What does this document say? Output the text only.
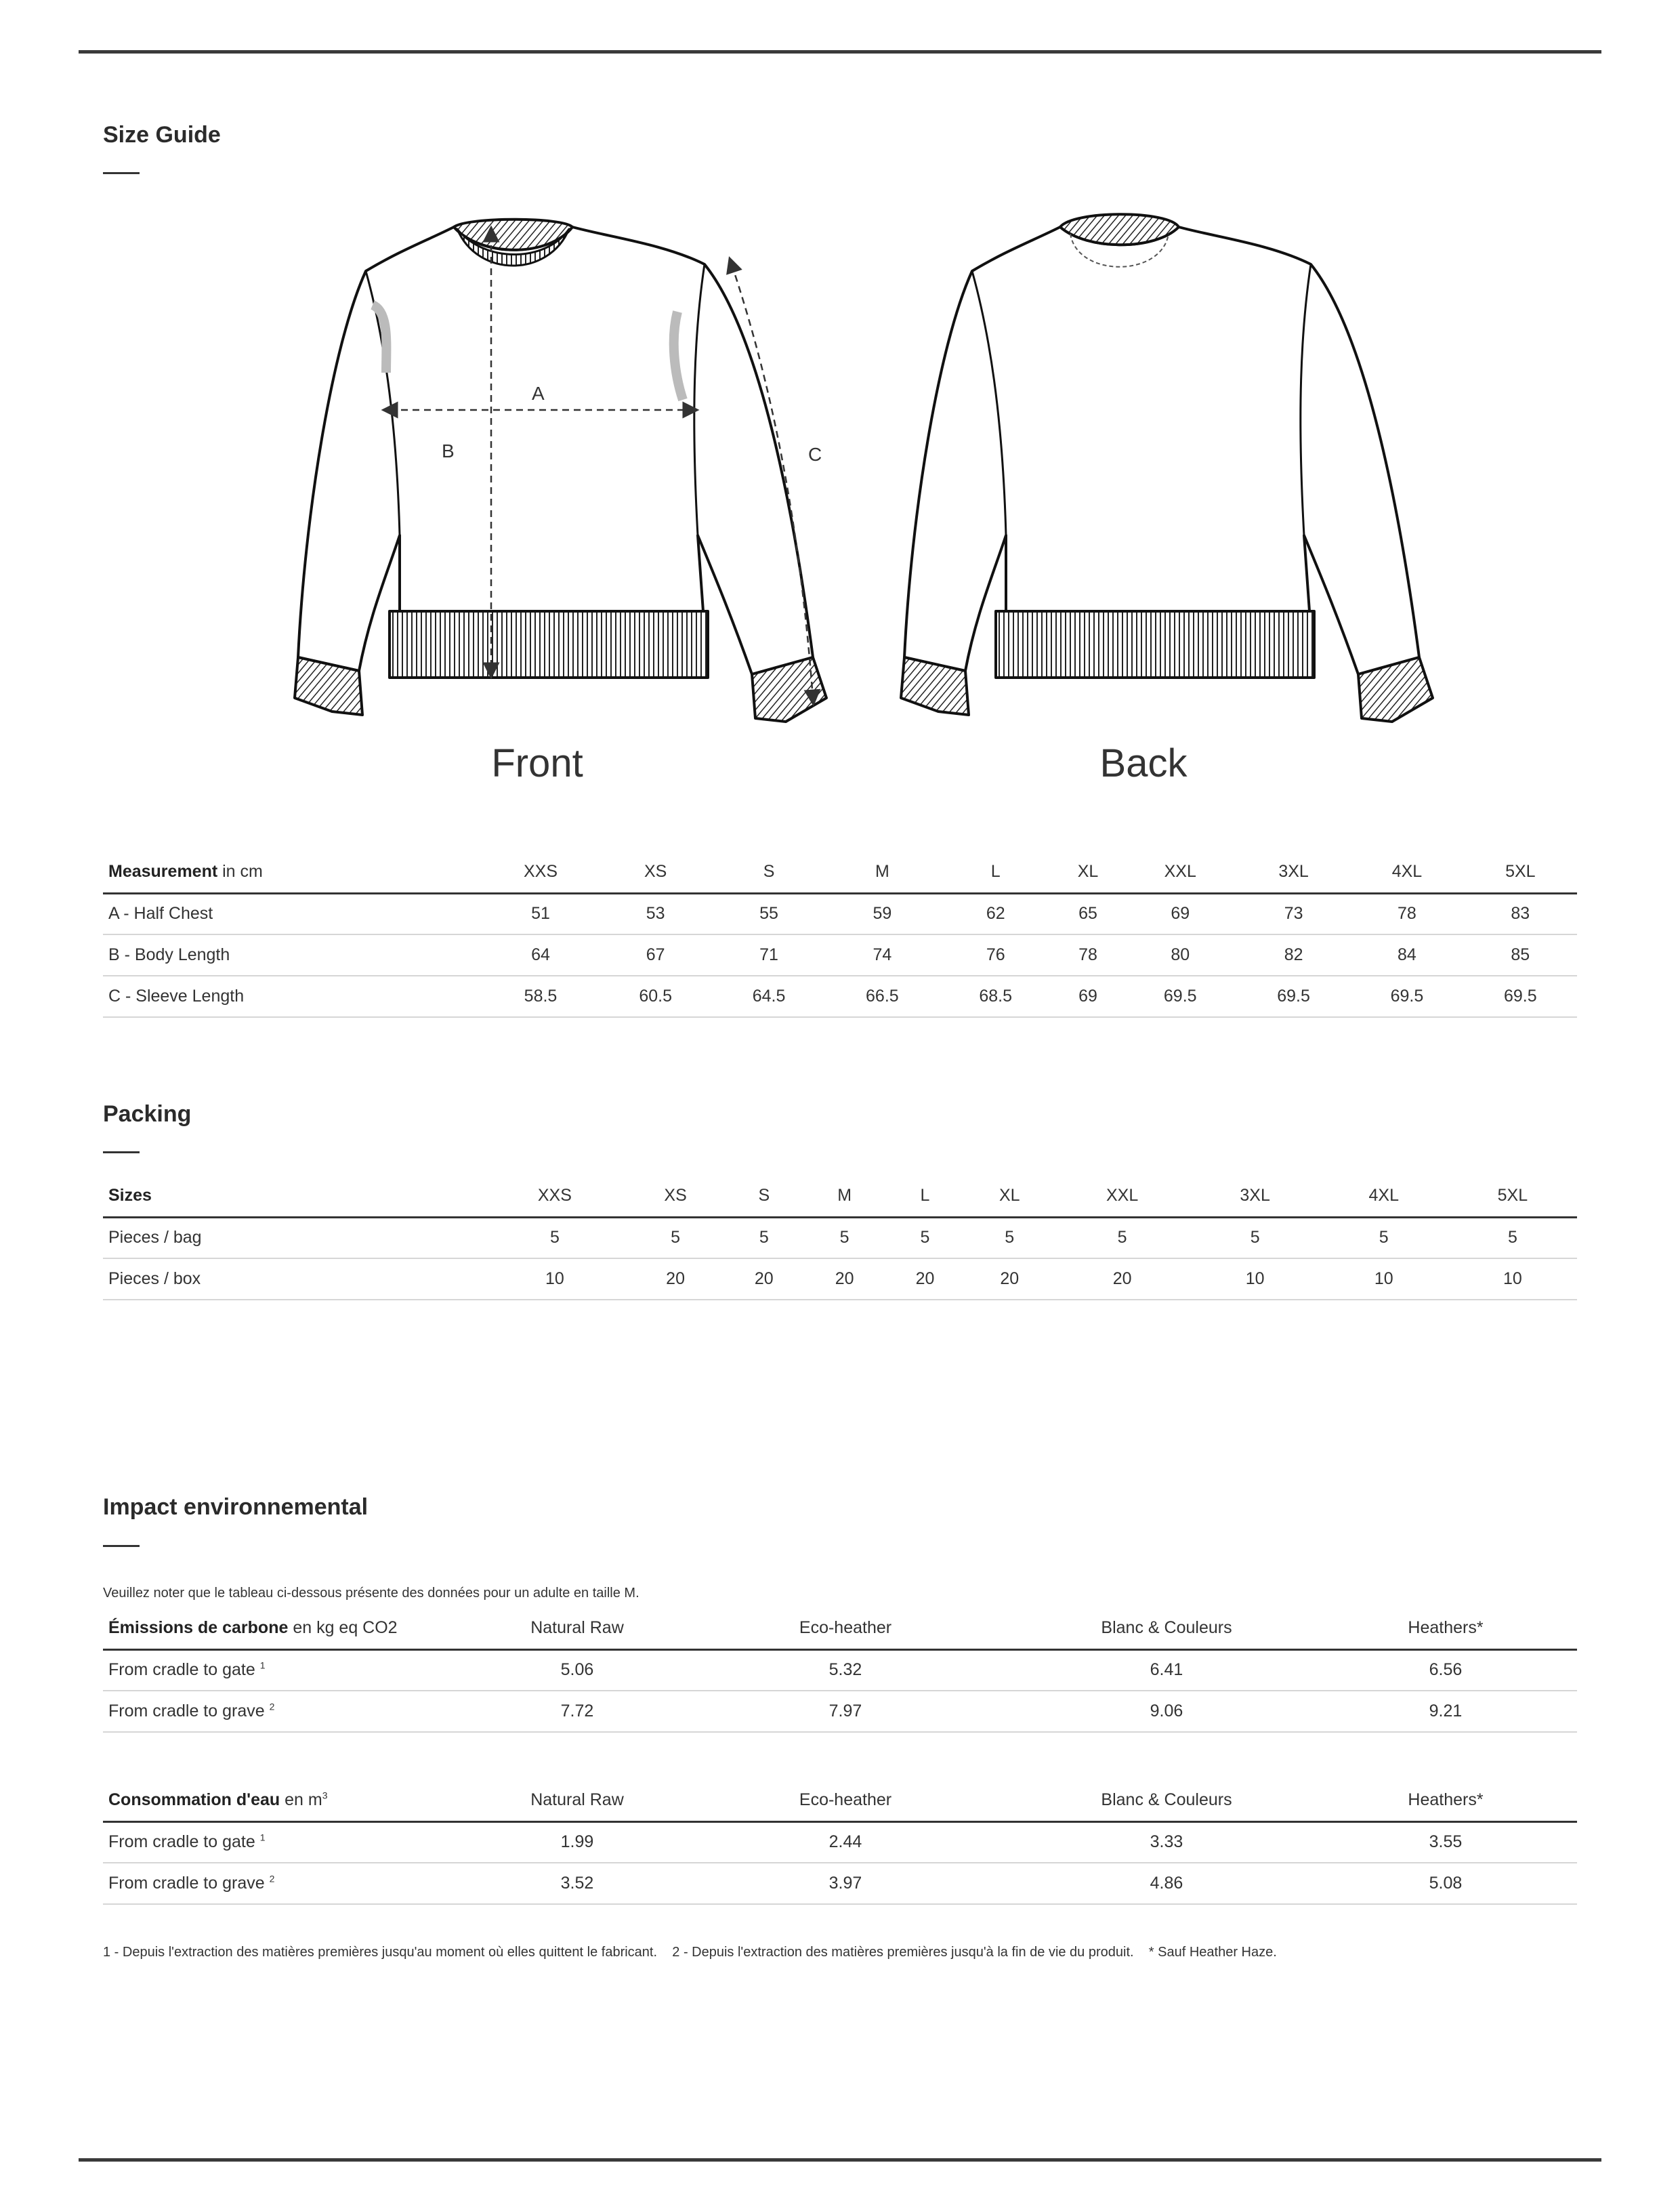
Size Guide
A
B	C
Front	Back
Measurement in cm	XXS	XS	S	M	L	XL	XXL	3XL	4XL	5XL
A - Half Chest	51	53	55	59	62	65	69	73	78	83
B - Body Length	64	67	71	74	76	78	80	82	84	85
C - Sleeve Length	58.5	60.5	64.5	66.5	68.5	69	69.5	69.5	69.5	69.5
Packing
Sizes	XXS	XS	S	M	L	XL	XXL	3XL	4XL	5XL
Pieces / bag	5	5	5	5	5	5	5	5	5	5
Pieces / box	10	20	20	20	20	20	20	10	10	10
Impact environnemental
Veuillez noter que le tableau ci-dessous présente des données pour un adulte en taille M.
Émissions de carbone en kg eq CO2	Natural Raw	Eco-heather	Blanc & Couleurs	Heathers*
From cradle to gate $^1$	5.06	5.32	6.41	6.56
From cradle to grave $^2$	7.72	7.97	9.06	9.21
Consommation d'eau en $m^3$	Natural Raw	Eco-heather	Blanc & Couleurs	Heathers*
From cradle to gate $^1$	1.99	2.44	3.33	3.55
From cradle to grave $^2$	3.52	3.97	4.86	5.08
1 - Depuis l'extraction des matières premières jusqu'au moment où elles quittent le fabricant.    2 - Depuis l'extraction des matières premières jusqu'à la fin de vie du produit.    * Sauf Heather Haze.
